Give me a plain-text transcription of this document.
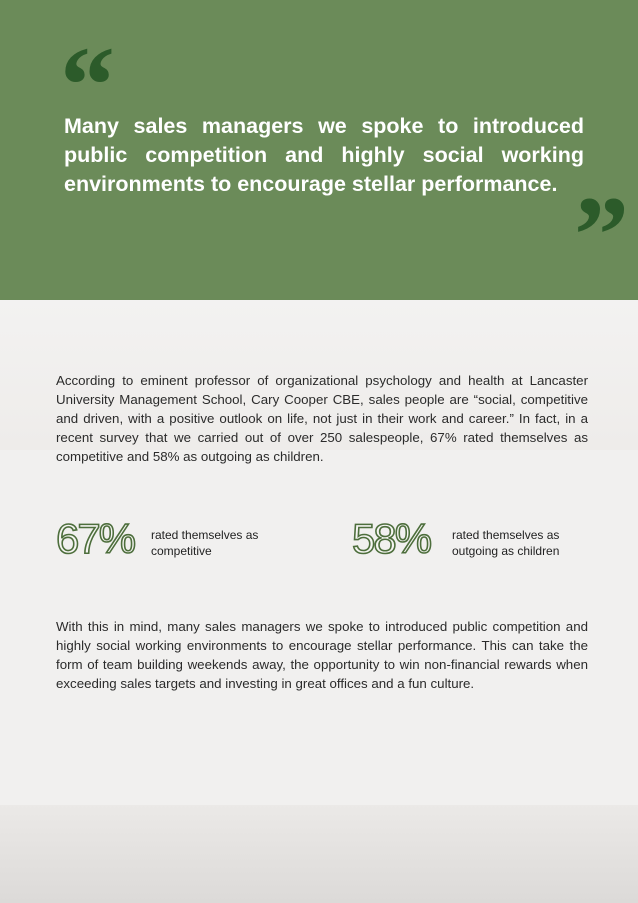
“

Many sales managers we spoke to introduced public competition and highly social working environments to encourage stellar performance. ”

According to eminent professor of organizational psychology and health at Lancaster University Management School, Cary Cooper CBE, sales people are “social, competitive and driven, with a positive outlook on life, not just in their work and career.” In fact, in a recent survey that we carried out of over 250 salespeople, 67% rated themselves as competitive and 58% as outgoing as children.

67% rated themselves as competitive	58% rated themselves as outgoing as children

With this in mind, many sales managers we spoke to introduced public competition and highly social working environments to encourage stellar performance. This can take the form of team building weekends away, the opportunity to win non-financial rewards when exceeding sales targets and investing in great offices and a fun culture.
